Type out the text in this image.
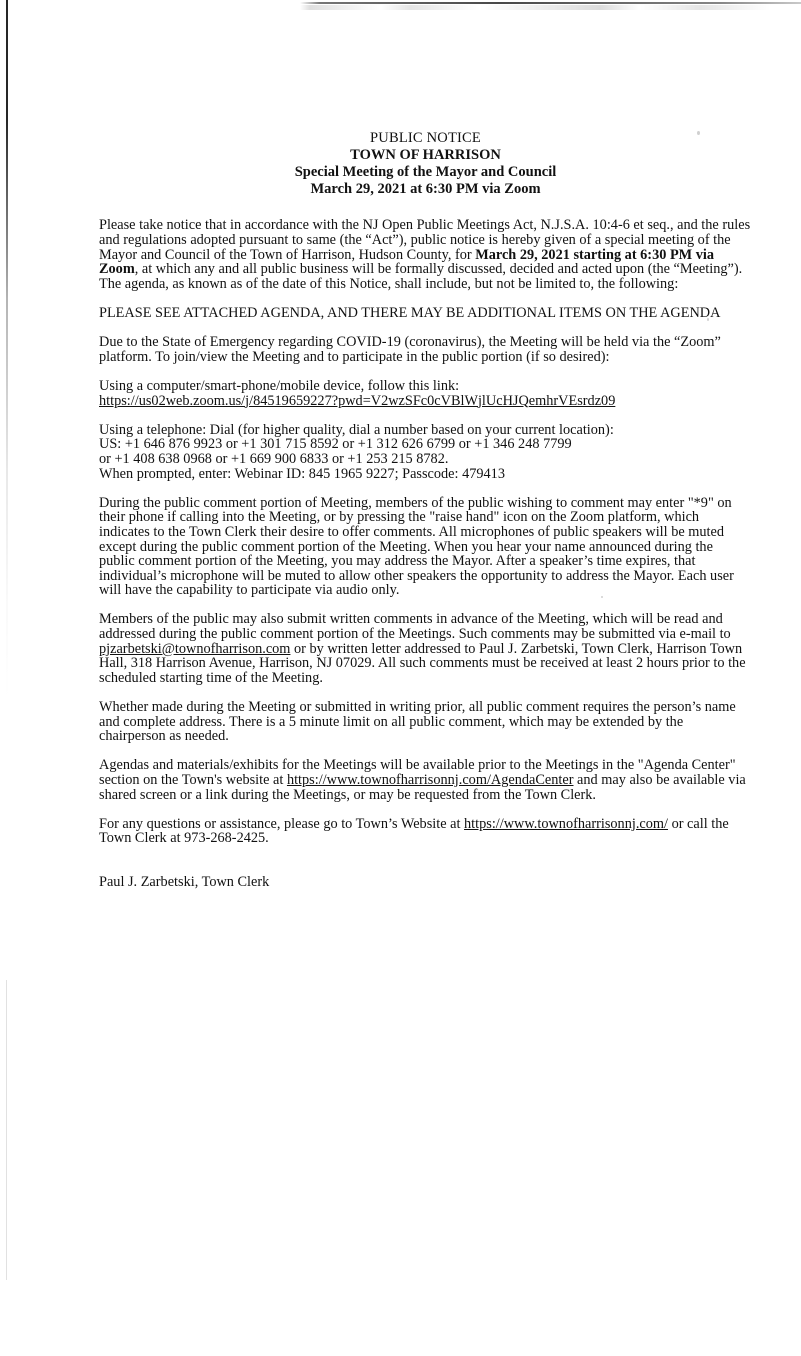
PUBLIC NOTICE
TOWN OF HARRISON
Special Meeting of the Mayor and Council
March 29, 2021 at 6:30 PM via Zoom

Please take notice that in accordance with the NJ Open Public Meetings Act, N.J.S.A. 10:4-6 et seq., and the rules and regulations adopted pursuant to same (the “Act”), public notice is hereby given of a special meeting of the Mayor and Council of the Town of Harrison, Hudson County, for March 29, 2021 starting at 6:30 PM via Zoom, at which any and all public business will be formally discussed, decided and acted upon (the “Meeting”). The agenda, as known as of the date of this Notice, shall include, but not be limited to, the following:

PLEASE SEE ATTACHED AGENDA, AND THERE MAY BE ADDITIONAL ITEMS ON THE AGENDA

Due to the State of Emergency regarding COVID-19 (coronavirus), the Meeting will be held via the “Zoom” platform. To join/view the Meeting and to participate in the public portion (if so desired):

Using a computer/smart-phone/mobile device, follow this link:

https://us02web.zoom.us/j/84519659227?pwd=V2wzSFc0cVBlWjlUcHJQemhrVEsrdz09

Using a telephone: Dial (for higher quality, dial a number based on your current location):

US: +1 646 876 9923 or +1 301 715 8592 or +1 312 626 6799 or +1 346 248 7799

or +1 408 638 0968 or +1 669 900 6833 or +1 253 215 8782.

When prompted, enter: Webinar ID: 845 1965 9227; Passcode: 479413

During the public comment portion of Meeting, members of the public wishing to comment may enter "*9" on their phone if calling into the Meeting, or by pressing the "raise hand" icon on the Zoom platform, which indicates to the Town Clerk their desire to offer comments. All microphones of public speakers will be muted except during the public comment portion of the Meeting. When you hear your name announced during the public comment portion of the Meeting, you may address the Mayor. After a speaker’s time expires, that individual’s microphone will be muted to allow other speakers the opportunity to address the Mayor. Each user will have the capability to participate via audio only.

Members of the public may also submit written comments in advance of the Meeting, which will be read and addressed during the public comment portion of the Meetings. Such comments may be submitted via e-mail to pjzarbetski@townofharrison.com or by written letter addressed to Paul J. Zarbetski, Town Clerk, Harrison Town Hall, 318 Harrison Avenue, Harrison, NJ 07029. All such comments must be received at least 2 hours prior to the scheduled starting time of the Meeting.

Whether made during the Meeting or submitted in writing prior, all public comment requires the person’s name and complete address. There is a 5 minute limit on all public comment, which may be extended by the chairperson as needed.

Agendas and materials/exhibits for the Meetings will be available prior to the Meetings in the "Agenda Center" section on the Town's website at https://www.townofharrisonnj.com/AgendaCenter and may also be available via shared screen or a link during the Meetings, or may be requested from the Town Clerk.

For any questions or assistance, please go to Town’s Website at https://www.townofharrisonnj.com/ or call the Town Clerk at 973-268-2425.

Paul J. Zarbetski, Town Clerk
